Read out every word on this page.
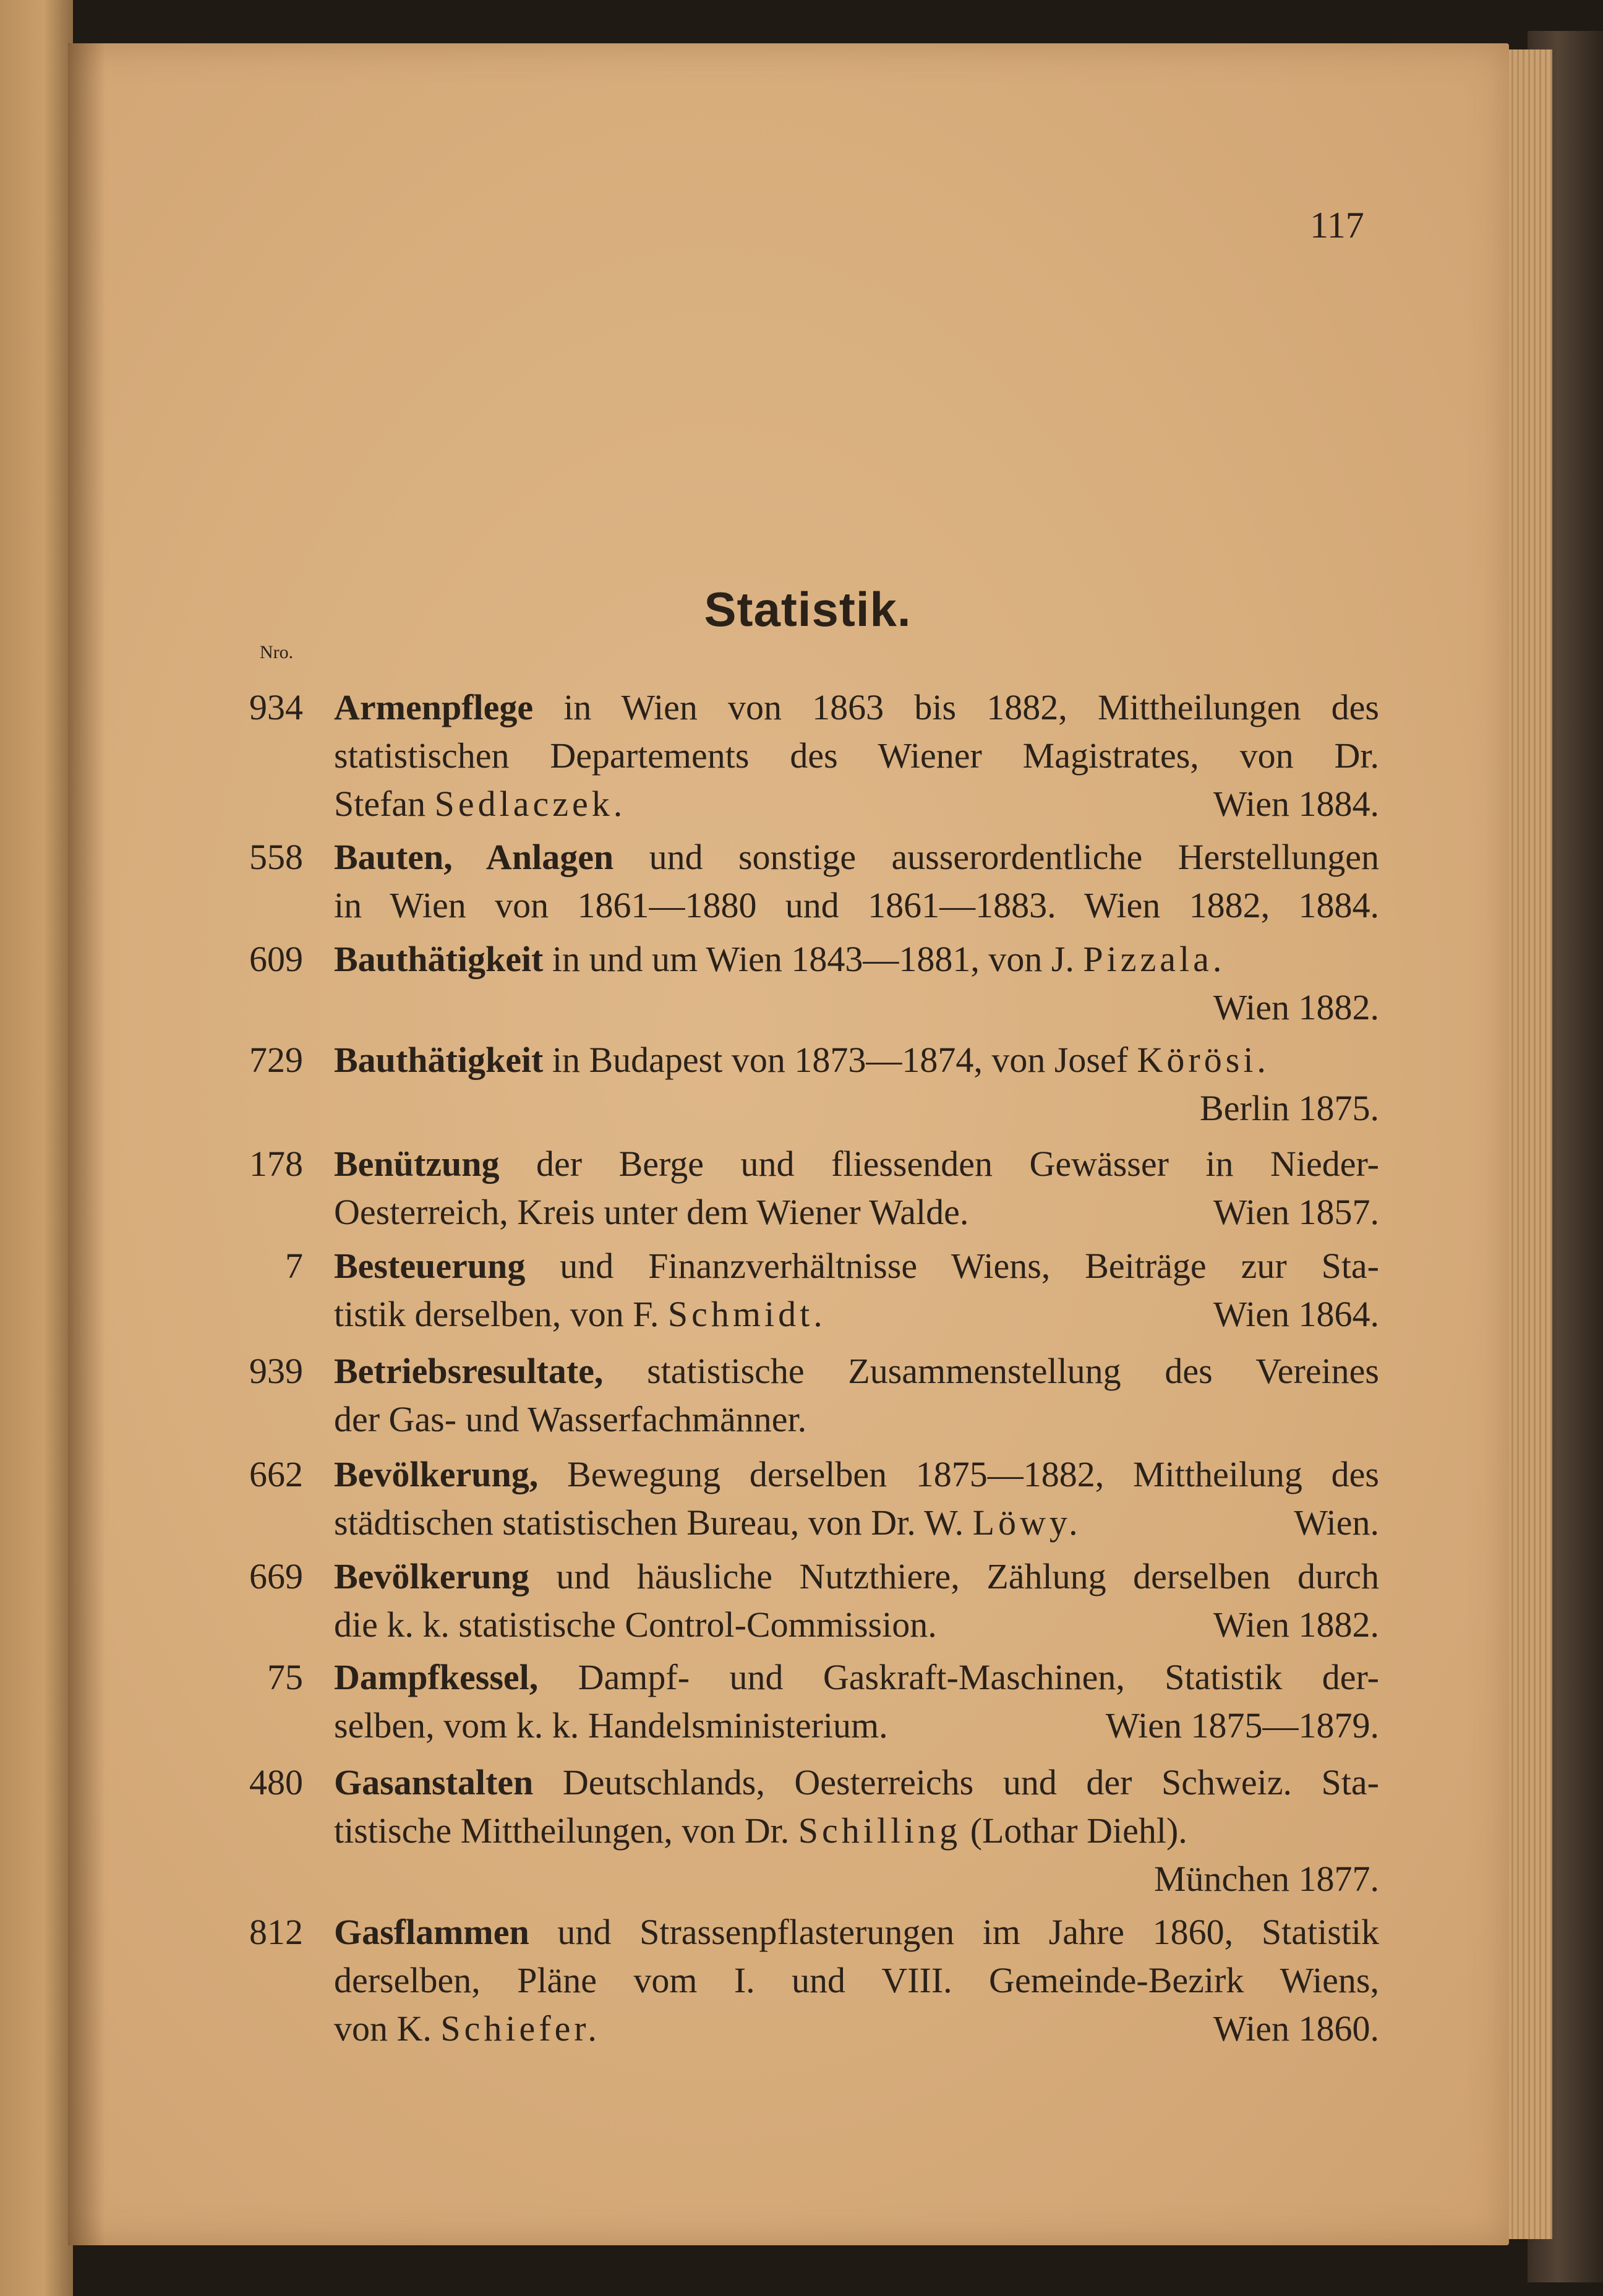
117
Statistik.
Nro.
934 Armenpflege in Wien von 1863 bis 1882, Mittheilungen des
statistischen Departements des Wiener Magistrates, von Dr.
Stefan Sedlaczek.	Wien 1884.
558 Bauten, Anlagen und sonstige ausserordentliche Herstellungen
in Wien von 1861—1880 und 1861—1883. Wien 1882, 1884.
609 Bauthätigkeit in und um Wien 1843—1881, von J. Pizzala.
Wien 1882.
729 Bauthätigkeit in Budapest von 1873—1874, von Josef Körösi.
Berlin 1875.
178 Benützung der Berge und fliessenden Gewässer in Nieder-
Oesterreich, Kreis unter dem Wiener Walde.	Wien 1857.
7 Besteuerung und Finanzverhältnisse Wiens, Beiträge zur Sta-
tistik derselben, von F. Schmidt.	Wien 1864.
939 Betriebsresultate, statistische Zusammenstellung des Vereines
der Gas- und Wasserfachmänner.
662 Bevölkerung, Bewegung derselben 1875—1882, Mittheilung des
städtischen statistischen Bureau, von Dr. W. Löwy.	Wien.
669 Bevölkerung und häusliche Nutzthiere, Zählung derselben durch
die k. k. statistische Control-Commission.	Wien 1882.
75 Dampfkessel, Dampf- und Gaskraft-Maschinen, Statistik der-
selben, vom k. k. Handelsministerium.	Wien 1875—1879.
480 Gasanstalten Deutschlands, Oesterreichs und der Schweiz. Sta-
tistische Mittheilungen, von Dr. Schilling (Lothar Diehl).
München 1877.
812 Gasflammen und Strassenpflasterungen im Jahre 1860, Statistik
derselben, Pläne vom I. und VIII. Gemeinde-Bezirk Wiens,
von K. Schiefer.	Wien 1860.
